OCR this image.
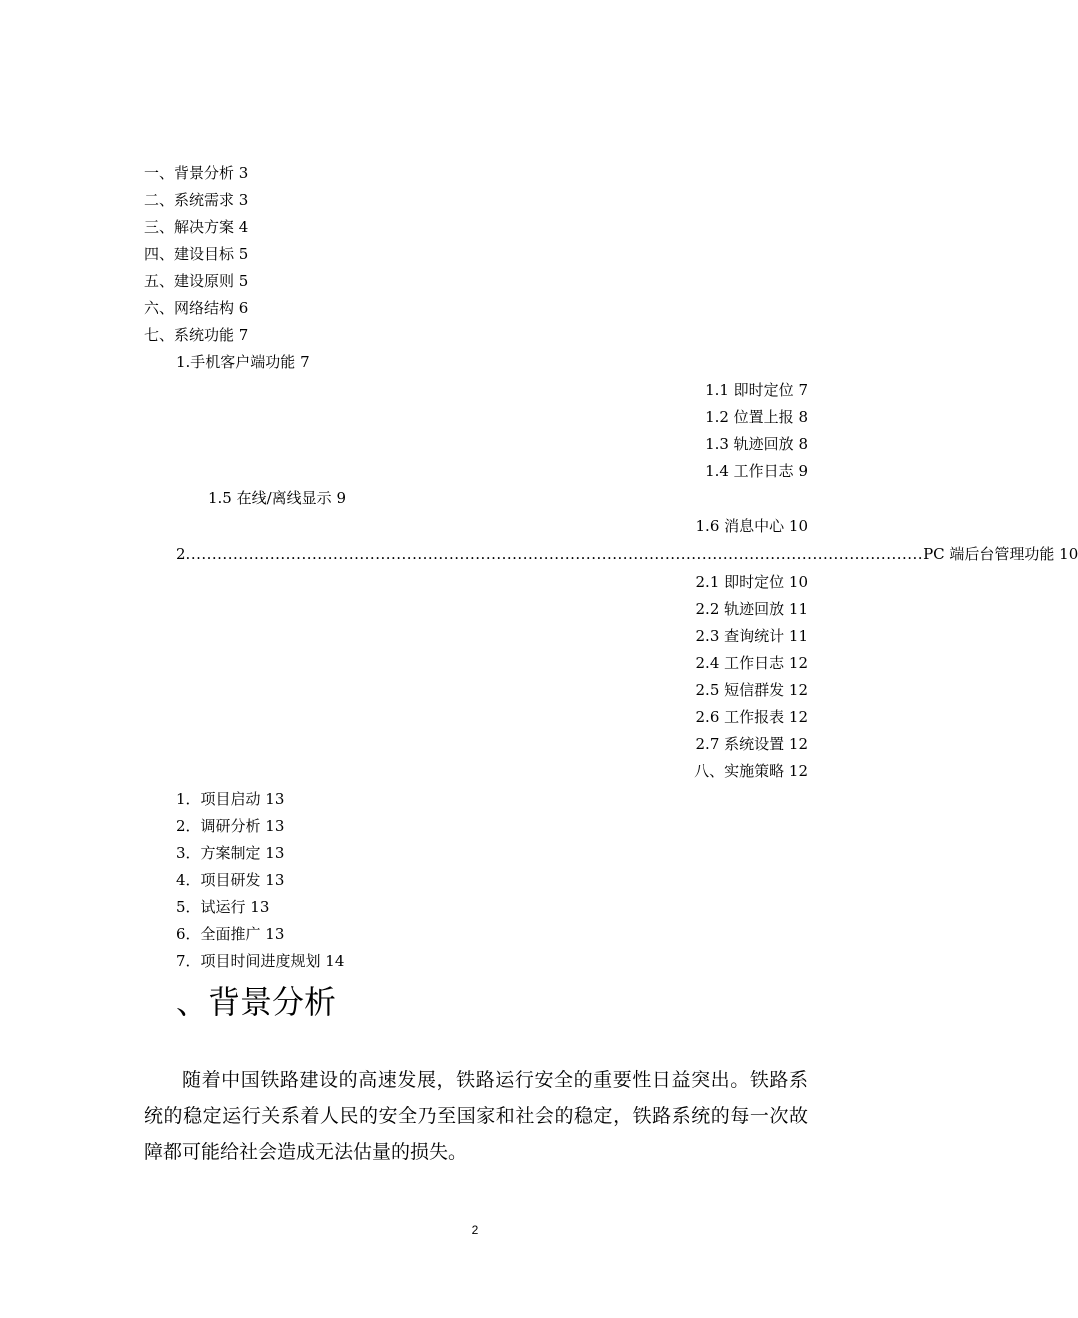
一、背景分析 3
二、系统需求 3
三、解决方案 4
四、建设目标 5
五、建设原则 5
六、网络结构 6
七、系统功能 7
1.手机客户端功能 7
1.1 即时定位 7
1.2 位置上报 8
1.3 轨迹回放 8
1.4 工作日志 9
1.5 在线/离线显示 9
1.6 消息中心 10
2 ............................................................................................................................................ PC 端后台管理功能 10
2.1 即时定位 10
2.2 轨迹回放 11
2.3 查询统计 11
2.4 工作日志 12
2.5 短信群发 12
2.6 工作报表 12
2.7 系统设置 12
八、实施策略 12
1．项目启动 13
2．调研分析 13
3．方案制定 13
4．项目研发 13
5．试运行 13
6．全面推广 13
7．项目时间进度规划 14
、背景分析

随着中国铁路建设的高速发展，铁路运行安全的重要性日益突出。铁路系统的稳定运行关系着人民的安全乃至国家和社会的稳定，铁路系统的每一次故障都可能给社会造成无法估量的损失。

2
